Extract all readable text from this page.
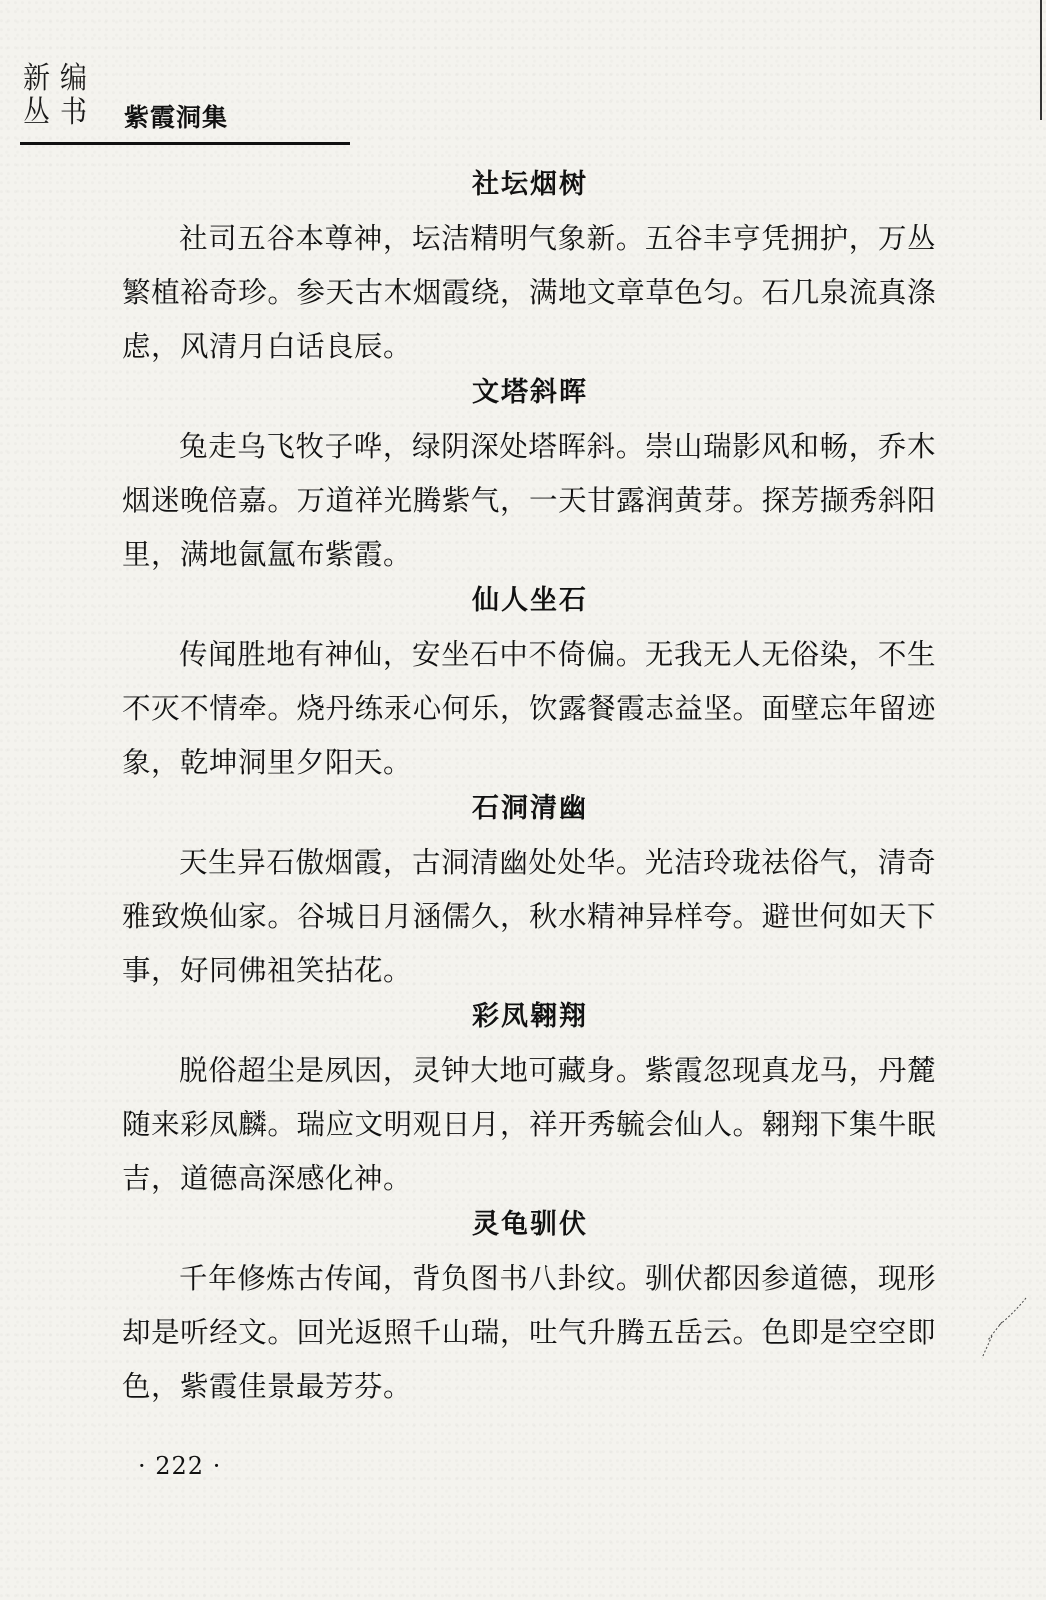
新 编
丛 书 紫霞洞集
社坛烟树

社司五谷本尊神，坛洁精明气象新。五谷丰亨凭拥护，万丛繁植裕奇珍。参天古木烟霞绕，满地文章草色匀。石几泉流真涤虑，风清月白话良辰。

文塔斜晖

兔走乌飞牧子哗，绿阴深处塔晖斜。崇山瑞影风和畅，乔木烟迷晚倍嘉。万道祥光腾紫气，一天甘露润黄芽。探芳撷秀斜阳里，满地氤氲布紫霞。

仙人坐石

传闻胜地有神仙，安坐石中不倚偏。无我无人无俗染，不生不灭不情牵。烧丹练汞心何乐，饮露餐霞志益坚。面壁忘年留迹象，乾坤洞里夕阳天。

石洞清幽

天生异石傲烟霞，古洞清幽处处华。光洁玲珑祛俗气，清奇雅致焕仙家。谷城日月涵儒久，秋水精神异样夸。避世何如天下事，好同佛祖笑拈花。

彩凤翱翔

脱俗超尘是夙因，灵钟大地可藏身。紫霞忽现真龙马，丹麓随来彩凤麟。瑞应文明观日月，祥开秀毓会仙人。翱翔下集牛眠吉，道德高深感化神。

灵龟驯伏

千年修炼古传闻，背负图书八卦纹。驯伏都因参道德，现形却是听经文。回光返照千山瑞，吐气升腾五岳云。色即是空空即色，紫霞佳景最芳芬。

· 222 ·
